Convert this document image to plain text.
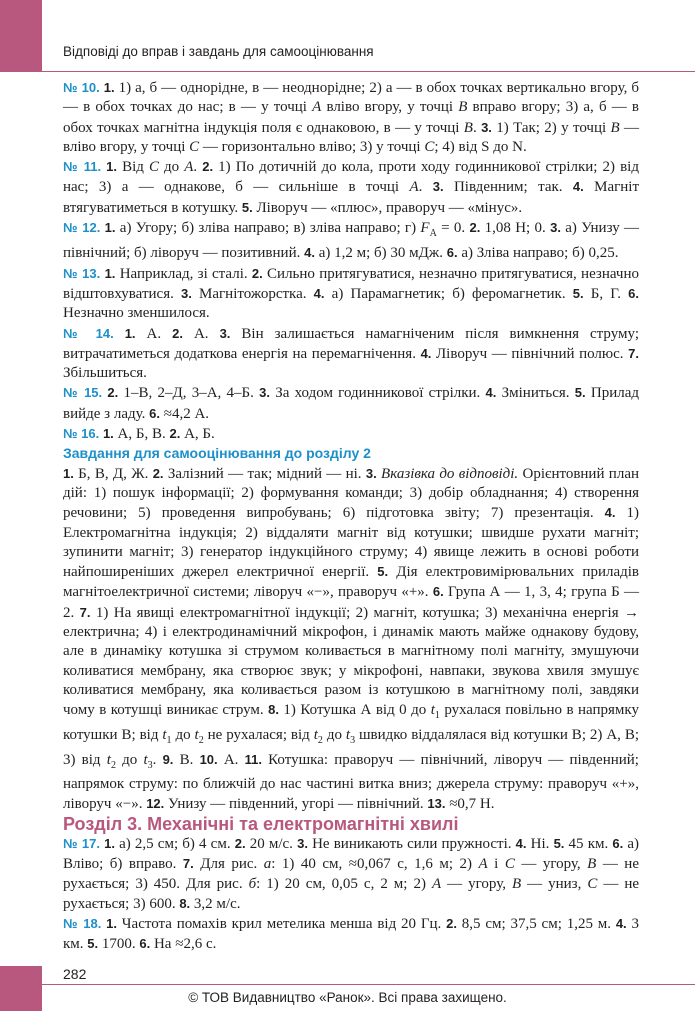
Відповіді до вправ і завдань для самооцінювання

№ 10. 1. 1) а, б — однорідне, в — неоднорідне; 2) а — в обох точках вертикально вгору, б — в обох точках до нас; в — у точці А вліво вгору, у точці В вправо вгору; 3) а, б — в обох точках магнітна індукція поля є однаковою, в — у точці В. 3. 1) Так; 2) у точці В — вліво вгору, у точці С — горизонтально вліво; 3) у точці С; 4) від S до N.

№ 11. 1. Від С до А. 2. 1) По дотичній до кола, проти ходу годинникової стрілки; 2) від нас; 3) а — однакове, б — сильніше в точці А. 3. Південним; так. 4. Магніт втягуватиметься в котушку. 5. Ліворуч — «плюс», праворуч — «мінус».

№ 12. 1. а) Угору; б) зліва направо; в) зліва направо; г) $F_A = 0$. 2. 1,08 Н; 0. 3. а) Унизу — північний; б) ліворуч — позитивний. 4. а) 1,2 м; б) 30 мДж. 6. а) Зліва направо; б) 0,25.

№ 13. 1. Наприклад, зі сталі. 2. Сильно притягуватися, незначно притягуватися, незначно відштовхуватися. 3. Магнітожорстка. 4. а) Парамагнетик; б) феромагнетик. 5. Б, Г. 6. Незначно зменшилося.

№ 14. 1. А. 2. А. 3. Він залишається намагніченим після вимкнення струму; витрачатиметься додаткова енергія на перемагнічення. 4. Ліворуч — північний полюс. 7. Збільшиться.

№ 15. 2. 1–В, 2–Д, 3–А, 4–Б. 3. За ходом годинникової стрілки. 4. Зміниться. 5. Прилад вийде з ладу. 6. ≈4,2 А.

№ 16. 1. А, Б, В. 2. А, Б.

Завдання для самооцінювання до розділу 2

1. Б, В, Д, Ж. 2. Залізний — так; мідний — ні. 3. Вказівка до відповіді. Орієнтовний план дій: 1) пошук інформації; 2) формування команди; 3) добір обладнання; 4) створення речовини; 5) проведення випробувань; 6) підготовка звіту; 7) презентація. 4. 1) Електромагнітна індукція; 2) віддаляти магніт від котушки; швидше рухати магніт; зупинити магніт; 3) генератор індукційного струму; 4) явище лежить в основі роботи найпоширеніших джерел електричної енергії. 5. Дія електровимірювальних приладів магнітоелектричної системи; ліворуч «−», праворуч «+». 6. Група А — 1, 3, 4; група Б — 2. 7. 1) На явищі електромагнітної індукції; 2) магніт, котушка; 3) механічна енергія → електрична; 4) і електродинамічний мікрофон, і динамік мають майже однакову будову, але в динаміку котушка зі струмом коливається в магнітному полі магніту, змушуючи коливатися мембрану, яка створює звук; у мікрофоні, навпаки, звукова хвиля змушує коливатися мембрану, яка коливається разом із котушкою в магнітному полі, завдяки чому в котушці виникає струм. 8. 1) Котушка А від 0 до $t_1$ рухалася повільно в напрямку котушки В; від $t_1$ до $t_2$ не рухалася; від $t_2$ до $t_3$ швидко віддалялася від котушки В; 2) А, В; 3) від $t_2$ до $t_3$. 9. В. 10. А. 11. Котушка: праворуч — північний, ліворуч — південний; напрямок струму: по ближчій до нас частині витка вниз; джерела струму: праворуч «+», ліворуч «−». 12. Унизу — південний, угорі — північний. 13. ≈0,7 Н.

Розділ 3. Механічні та електромагнітні хвилі

№ 17. 1. а) 2,5 см; б) 4 см. 2. 20 м/с. 3. Не виникають сили пружності. 4. Ні. 5. 45 км. 6. а) Вліво; б) вправо. 7. Для рис. а: 1) 40 см, ≈0,067 с, 1,6 м; 2) А і С — угору, В — не рухається; 3) 450. Для рис. б: 1) 20 см, 0,05 с, 2 м; 2) А — угору, В — униз, С — не рухається; 3) 600. 8. 3,2 м/с.

№ 18. 1. Частота помахів крил метелика менша від 20 Гц. 2. 8,5 см; 37,5 см; 1,25 м. 4. 3 км. 5. 1700. 6. На ≈2,6 с.

282
© ТОВ Видавництво «Ранок». Всі права захищено.
